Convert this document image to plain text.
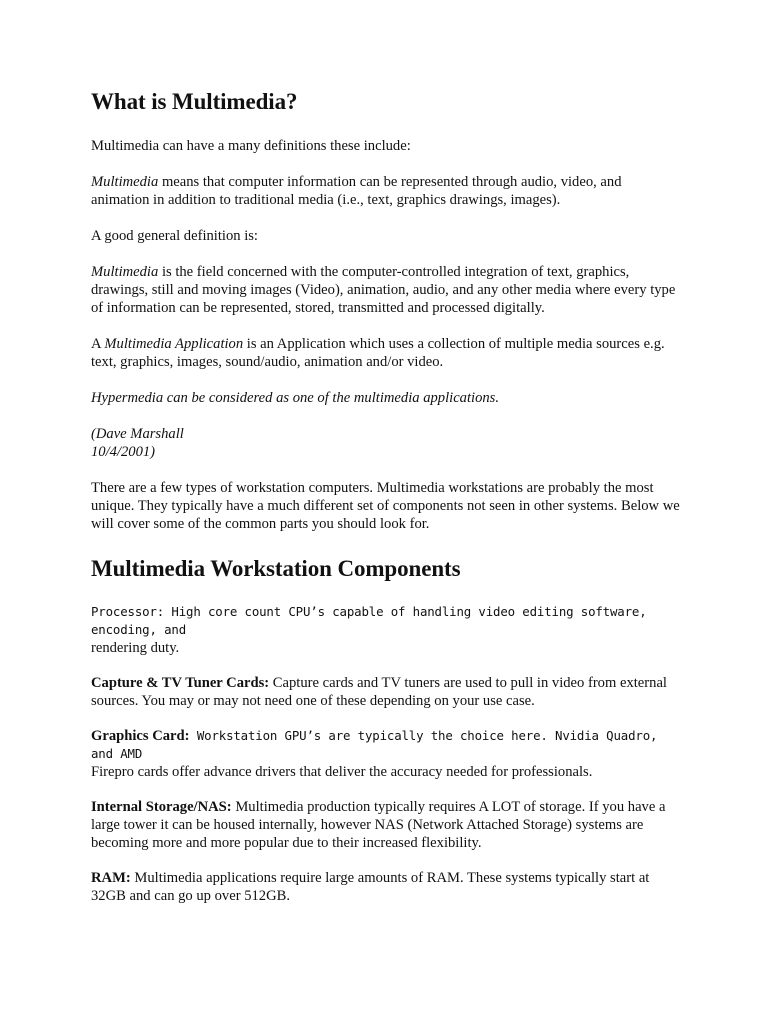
What is Multimedia?

Multimedia can have a many definitions these include:

Multimedia means that computer information can be represented through audio, video, and animation in addition to traditional media (i.e., text, graphics drawings, images).

A good general definition is:

Multimedia is the field concerned with the computer-controlled integration of text, graphics, drawings, still and moving images (Video), animation, audio, and any other media where every type of information can be represented, stored, transmitted and processed digitally.

A Multimedia Application is an Application which uses a collection of multiple media sources e.g. text, graphics, images, sound/audio, animation and/or video.

Hypermedia can be considered as one of the multimedia applications.

(Dave Marshall
10/4/2001)

There are a few types of workstation computers. Multimedia workstations are probably the most unique. They typically have a much different set of components not seen in other systems. Below we will cover some of the common parts you should look for.

Multimedia Workstation Components

Processor: High core count CPU’s capable of handling video editing software, encoding, and
rendering duty.

Capture & TV Tuner Cards: Capture cards and TV tuners are used to pull in video from external sources. You may or may not need one of these depending on your use case.

Graphics Card: Workstation GPU’s are typically the choice here. Nvidia Quadro, and AMD
Firepro cards offer advance drivers that deliver the accuracy needed for professionals.

Internal Storage/NAS: Multimedia production typically requires A LOT of storage. If you have a large tower it can be housed internally, however NAS (Network Attached Storage) systems are becoming more and more popular due to their increased flexibility.

RAM: Multimedia applications require large amounts of RAM. These systems typically start at 32GB and can go up over 512GB.
